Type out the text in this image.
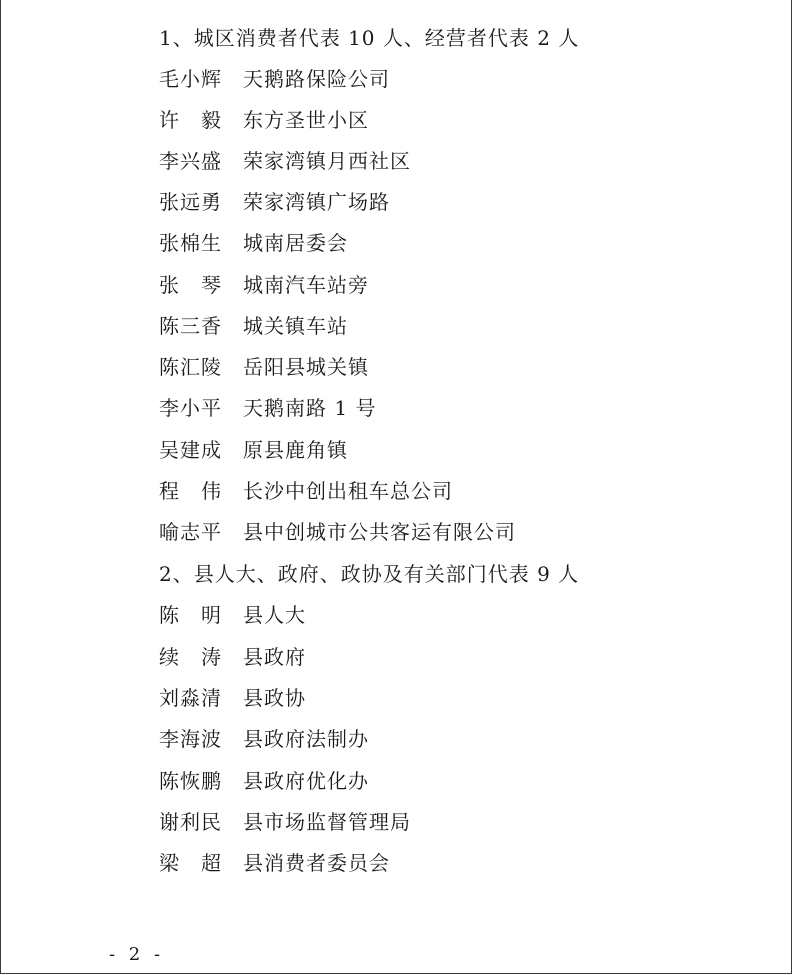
1、城区消费者代表 10 人、经营者代表 2 人
毛小辉 天鹅路保险公司
许　毅 东方圣世小区
李兴盛 荣家湾镇月西社区
张远勇 荣家湾镇广场路
张棉生 城南居委会
张　琴 城南汽车站旁
陈三香 城关镇车站
陈汇陵 岳阳县城关镇
李小平 天鹅南路 1 号
吴建成 原县鹿角镇
程　伟 长沙中创出租车总公司
喻志平 县中创城市公共客运有限公司
2、县人大、政府、政协及有关部门代表 9 人
陈　明 县人大
续　涛 县政府
刘淼清 县政协
李海波 县政府法制办
陈恢鹏 县政府优化办
谢利民 县市场监督管理局
梁　超 县消费者委员会
- 2 -
